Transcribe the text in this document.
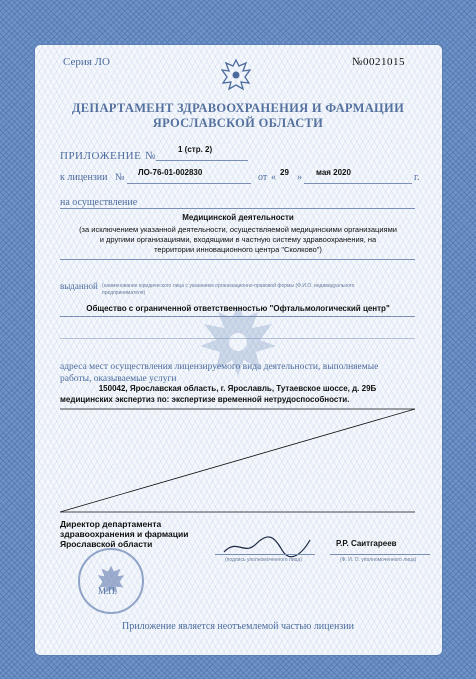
Серия ЛО	№0021015
ДЕПАРТАМЕНТ ЗДРАВООХРАНЕНИЯ И ФАРМАЦИИ
ЯРОСЛАВСКОЙ ОБЛАСТИ
ПРИЛОЖЕНИЕ №
1 (стр. 2)
к лицензии № ЛО-76-01-002830	от « 29 » мая 2020	г.
на осуществление
Медицинской деятельности
(за исключением указанной деятельности, осуществляемой медицинскими организациями
и другими организациями, входящими в частную систему здравоохранения, на
территории инновационного центра "Сколково")
выданной (наименование юридического лица с указанием организационно-правовой формы (Ф.И.О. индивидуального
предпринимателя)
Общество с ограниченной ответственностью "Офтальмологический центр"
адреса мест осуществления лицензируемого вида деятельности, выполняемые
работы, оказываемые услуги
150042, Ярославская область, г. Ярославль, Тутаевское шоссе, д. 29Б
медицинских экспертиз по: экспертизе временной нетрудоспособности.
Директор департамента
здравоохранения и фармации
Ярославской области	Р.Р. Саитгареев
(подпись уполномоченного лица)	(Ф. И. О. уполномоченного лица)
М.П.
Приложение является неотъемлемой частью лицензии
